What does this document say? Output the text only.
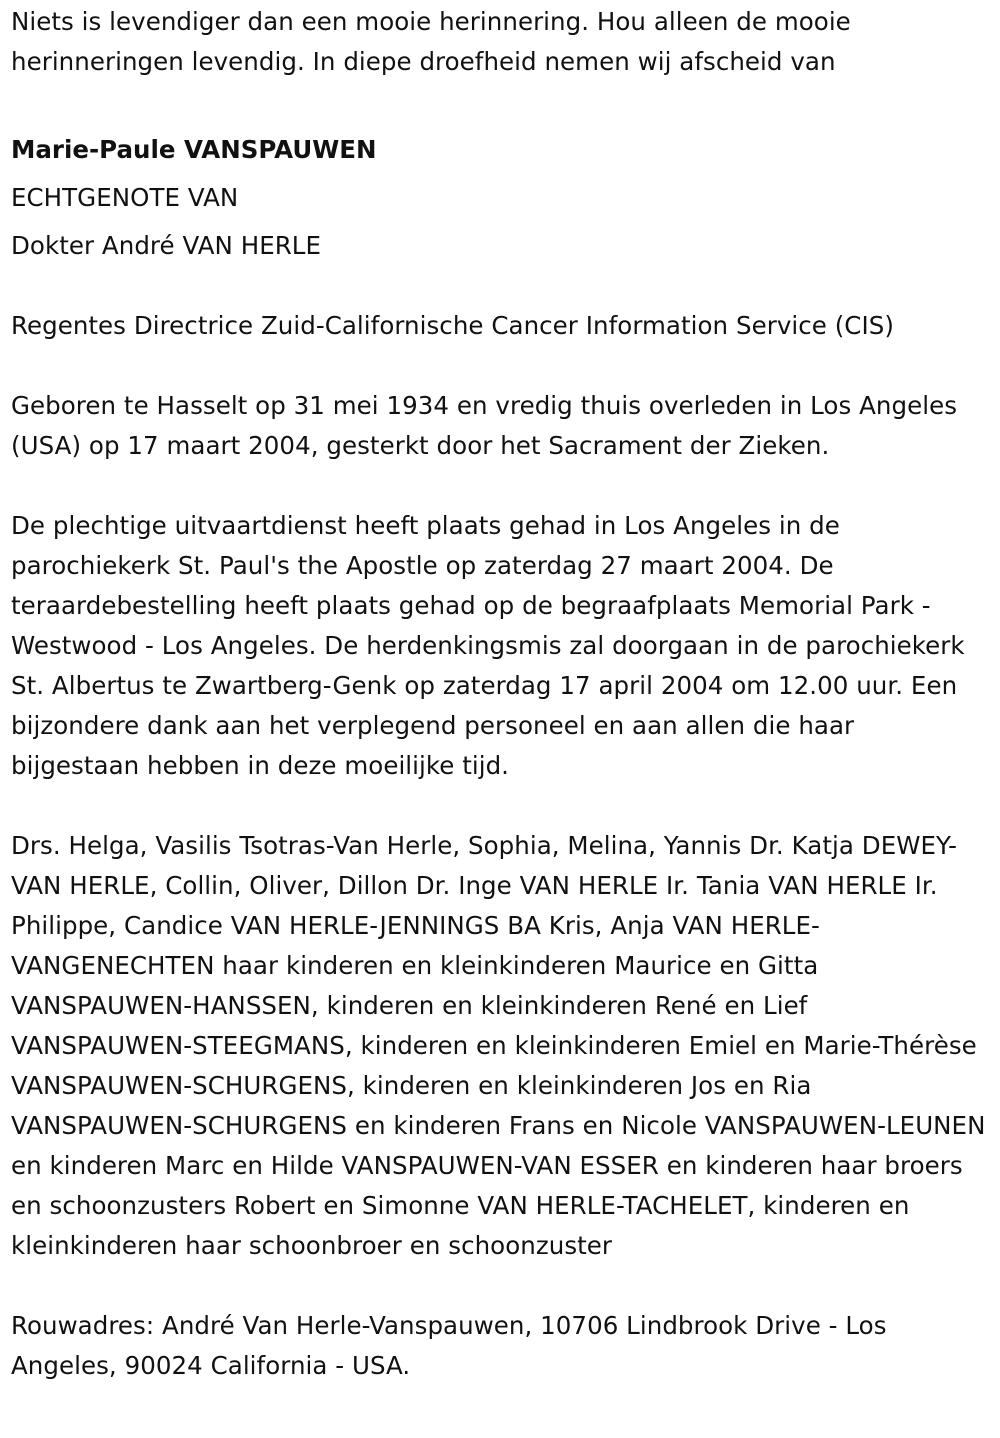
Niets is levendiger dan een mooie herinnering. Hou alleen de mooie herinneringen levendig. In diepe droefheid nemen wij afscheid van

Marie-Paule VANSPAUWEN

ECHTGENOTE VAN

Dokter André VAN HERLE

Regentes Directrice Zuid-Californische Cancer Information Service (CIS)

Geboren te Hasselt op 31 mei 1934 en vredig thuis overleden in Los Angeles (USA) op 17 maart 2004, gesterkt door het Sacrament der Zieken.

De plechtige uitvaartdienst heeft plaats gehad in Los Angeles in de parochiekerk St. Paul's the Apostle op zaterdag 27 maart 2004. De teraardebestelling heeft plaats gehad op de begraafplaats Memorial Park - Westwood - Los Angeles. De herdenkingsmis zal doorgaan in de parochiekerk St. Albertus te Zwartberg-Genk op zaterdag 17 april 2004 om 12.00 uur. Een bijzondere dank aan het verplegend personeel en aan allen die haar bijgestaan hebben in deze moeilijke tijd.

Drs. Helga, Vasilis Tsotras-Van Herle, Sophia, Melina, Yannis Dr. Katja DEWEY-VAN HERLE, Collin, Oliver, Dillon Dr. Inge VAN HERLE Ir. Tania VAN HERLE Ir. Philippe, Candice VAN HERLE-JENNINGS BA Kris, Anja VAN HERLE-VANGENECHTEN haar kinderen en kleinkinderen Maurice en Gitta VANSPAUWEN-HANSSEN, kinderen en kleinkinderen René en Lief VANSPAUWEN-STEEGMANS, kinderen en kleinkinderen Emiel en Marie-Thérèse VANSPAUWEN-SCHURGENS, kinderen en kleinkinderen Jos en Ria VANSPAUWEN-SCHURGENS en kinderen Frans en Nicole VANSPAUWEN-LEUNEN en kinderen Marc en Hilde VANSPAUWEN-VAN ESSER en kinderen haar broers en schoonzusters Robert en Simonne VAN HERLE-TACHELET, kinderen en kleinkinderen haar schoonbroer en schoonzuster

Rouwadres: André Van Herle-Vanspauwen, 10706 Lindbrook Drive - Los Angeles, 90024 California - USA.
